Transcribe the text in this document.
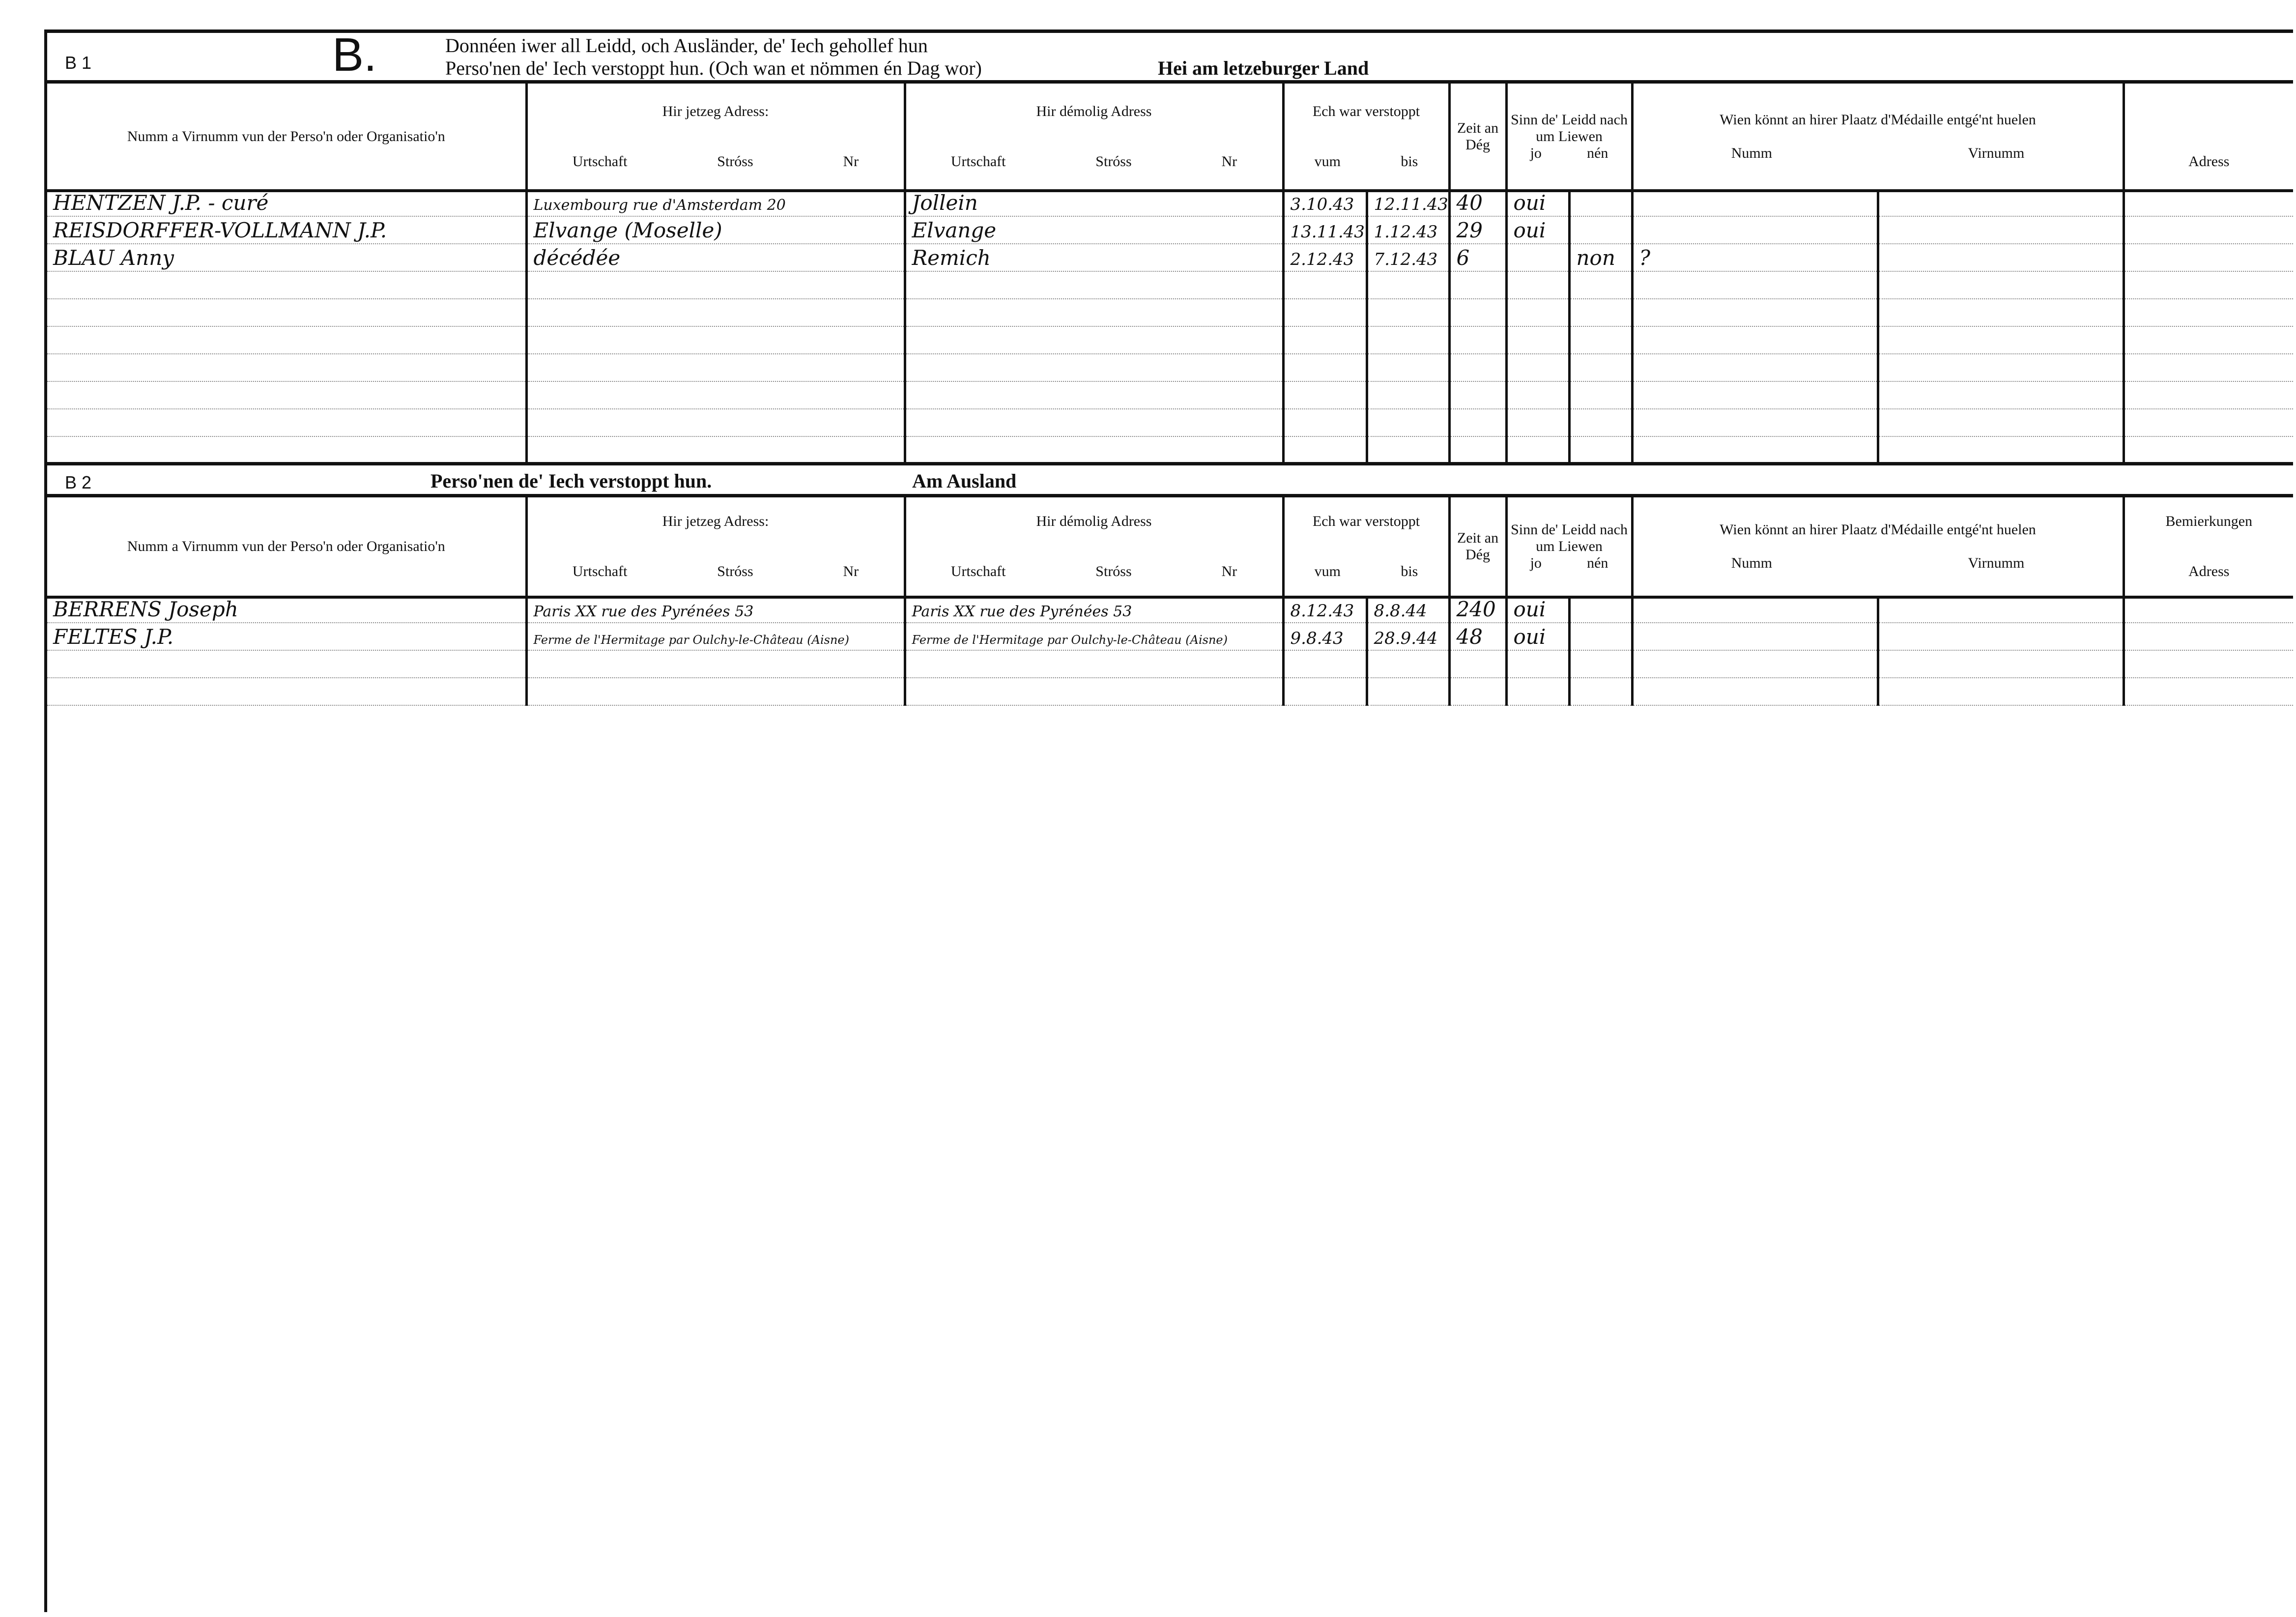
B 1	B.	Donnéen iwer all Leidd, och Ausländer, de' Iech gehollef hun
Perso'nen de' Iech verstoppt hun. (Och wan et nömmen én Dag wor)	Hei am letzeburger Land
Numm a Virnumm vun der Perso'n oder Organisatio'n	
Hir jetzeg Adress:

Urtschaft	Stróss	Nr

Hir démolig Adress

Urtschaft	Stróss	Nr

Ech war verstoppt

vum	bis
	Zeit an Dég	
Sinn de' Leidd nach um Liewen
jo	nén

Wien könnt an hirer Plaatz d'Médaille entgé'nt huelen

Numm	Virnumm

Adress
HENTZEN J.P. - curé	Luxembourg rue d'Amsterdam 20	Jollein	3.10.43	12.11.43	40	oui				
REISDORFFER-VOLLMANN J.P.	Elvange (Moselle)	Elvange	13.11.43	1.12.43	29	oui				
BLAU Anny	décédée	Remich	2.12.43	7.12.43	6		non	?		

B 2	Perso'nen de' Iech verstoppt hun.	Am Ausland
Numm a Virnumm vun der Perso'n oder Organisatio'n	
Hir jetzeg Adress:

Urtschaft	Stróss	Nr

Hir démolig Adress

Urtschaft	Stróss	Nr

Ech war verstoppt

vum	bis
	Zeit an Dég	
Sinn de' Leidd nach um Liewen
jo	nén

Wien könnt an hirer Plaatz d'Médaille entgé'nt huelen

Numm	Virnumm
	Bemierkungen

Adress
BERRENS Joseph	Paris XX rue des Pyrénées 53	Paris XX rue des Pyrénées 53	8.12.43	8.8.44	240	oui				
FELTES J.P.	Ferme de l'Hermitage par Oulchy-le-Château (Aisne)	Ferme de l'Hermitage par Oulchy-le-Château (Aisne)	9.8.43	28.9.44	48	oui				
